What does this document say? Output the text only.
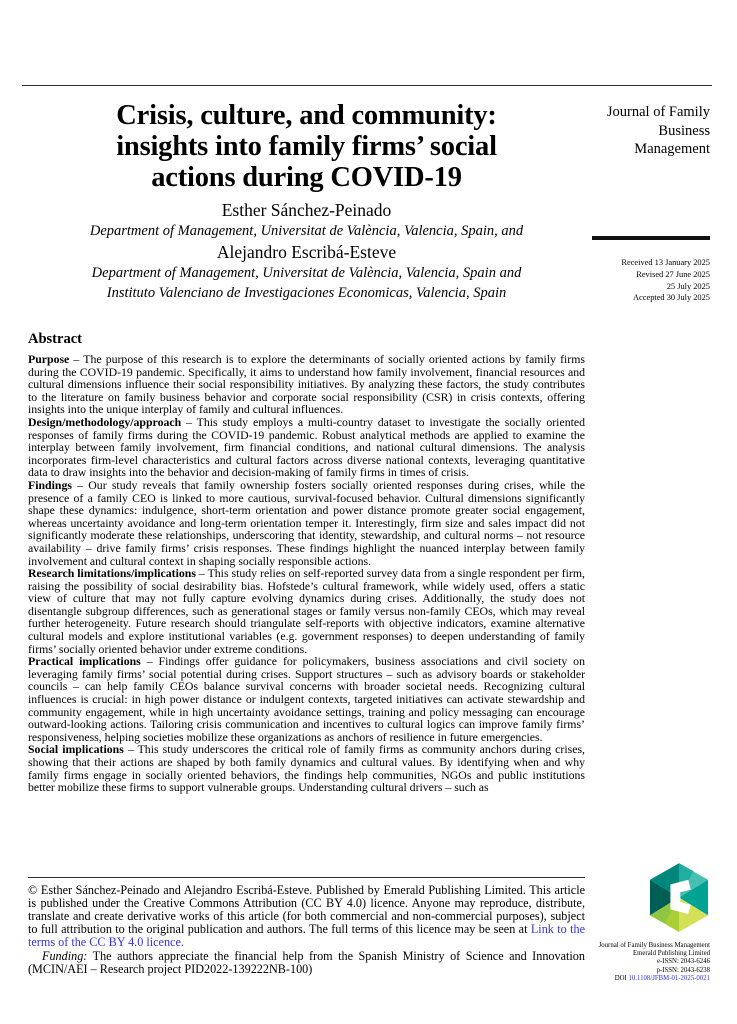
Crisis, culture, and community:
insights into family firms’ social
actions during COVID-19
Esther Sánchez-Peinado
Department of Management, Universitat de València, Valencia, Spain, and
Alejandro Escribá-Esteve
Department of Management, Universitat de València, Valencia, Spain and
Instituto Valenciano de Investigaciones Economicas, Valencia, Spain
Abstract

Purpose – The purpose of this research is to explore the determinants of socially oriented actions by family firms during the COVID-19 pandemic. Specifically, it aims to understand how family involvement, financial resources and cultural dimensions influence their social responsibility initiatives. By analyzing these factors, the study contributes to the literature on family business behavior and corporate social responsibility (CSR) in crisis contexts, offering insights into the unique interplay of family and cultural influences.

Design/methodology/approach – This study employs a multi-country dataset to investigate the socially oriented responses of family firms during the COVID-19 pandemic. Robust analytical methods are applied to examine the interplay between family involvement, firm financial conditions, and national cultural dimensions. The analysis incorporates firm-level characteristics and cultural factors across diverse national contexts, leveraging quantitative data to draw insights into the behavior and decision-making of family firms in times of crisis.

Findings – Our study reveals that family ownership fosters socially oriented responses during crises, while the presence of a family CEO is linked to more cautious, survival-focused behavior. Cultural dimensions significantly shape these dynamics: indulgence, short-term orientation and power distance promote greater social engagement, whereas uncertainty avoidance and long-term orientation temper it. Interestingly, firm size and sales impact did not significantly moderate these relationships, underscoring that identity, stewardship, and cultural norms – not resource availability – drive family firms’ crisis responses. These findings highlight the nuanced interplay between family involvement and cultural context in shaping socially responsible actions.

Research limitations/implications – This study relies on self-reported survey data from a single respondent per firm, raising the possibility of social desirability bias. Hofstede’s cultural framework, while widely used, offers a static view of culture that may not fully capture evolving dynamics during crises. Additionally, the study does not disentangle subgroup differences, such as generational stages or family versus non-family CEOs, which may reveal further heterogeneity. Future research should triangulate self-reports with objective indicators, examine alternative cultural models and explore institutional variables (e.g. government responses) to deepen understanding of family firms’ socially oriented behavior under extreme conditions.

Practical implications – Findings offer guidance for policymakers, business associations and civil society on leveraging family firms’ social potential during crises. Support structures – such as advisory boards or stakeholder councils – can help family CEOs balance survival concerns with broader societal needs. Recognizing cultural influences is crucial: in high power distance or indulgent contexts, targeted initiatives can activate stewardship and community engagement, while in high uncertainty avoidance settings, training and policy messaging can encourage outward-looking actions. Tailoring crisis communication and incentives to cultural logics can improve family firms’ responsiveness, helping societies mobilize these organizations as anchors of resilience in future emergencies.

Social implications – This study underscores the critical role of family firms as community anchors during crises, showing that their actions are shaped by both family dynamics and cultural values. By identifying when and why family firms engage in socially oriented behaviors, the findings help communities, NGOs and public institutions better mobilize these firms to support vulnerable groups. Understanding cultural drivers – such as

© Esther Sánchez-Peinado and Alejandro Escribá-Esteve. Published by Emerald Publishing Limited. This article is published under the Creative Commons Attribution (CC BY 4.0) licence. Anyone may reproduce, distribute, translate and create derivative works of this article (for both commercial and non-commercial purposes), subject to full attribution to the original publication and authors. The full terms of this licence may be seen at Link to the terms of the CC BY 4.0 licence.

Funding: The authors appreciate the financial help from the Spanish Ministry of Science and Innovation (MCIN/AEI – Research project PID2022-139222NB-100)

Journal of Family
Business
Management
Received 13 January 2025
Revised 27 June 2025
25 July 2025
Accepted 30 July 2025
Journal of Family Business Management
Emerald Publishing Limited
e-ISSN: 2043-6246
p-ISSN: 2043-6238
DOI 10.1108/JFBM-01-2025-0021
